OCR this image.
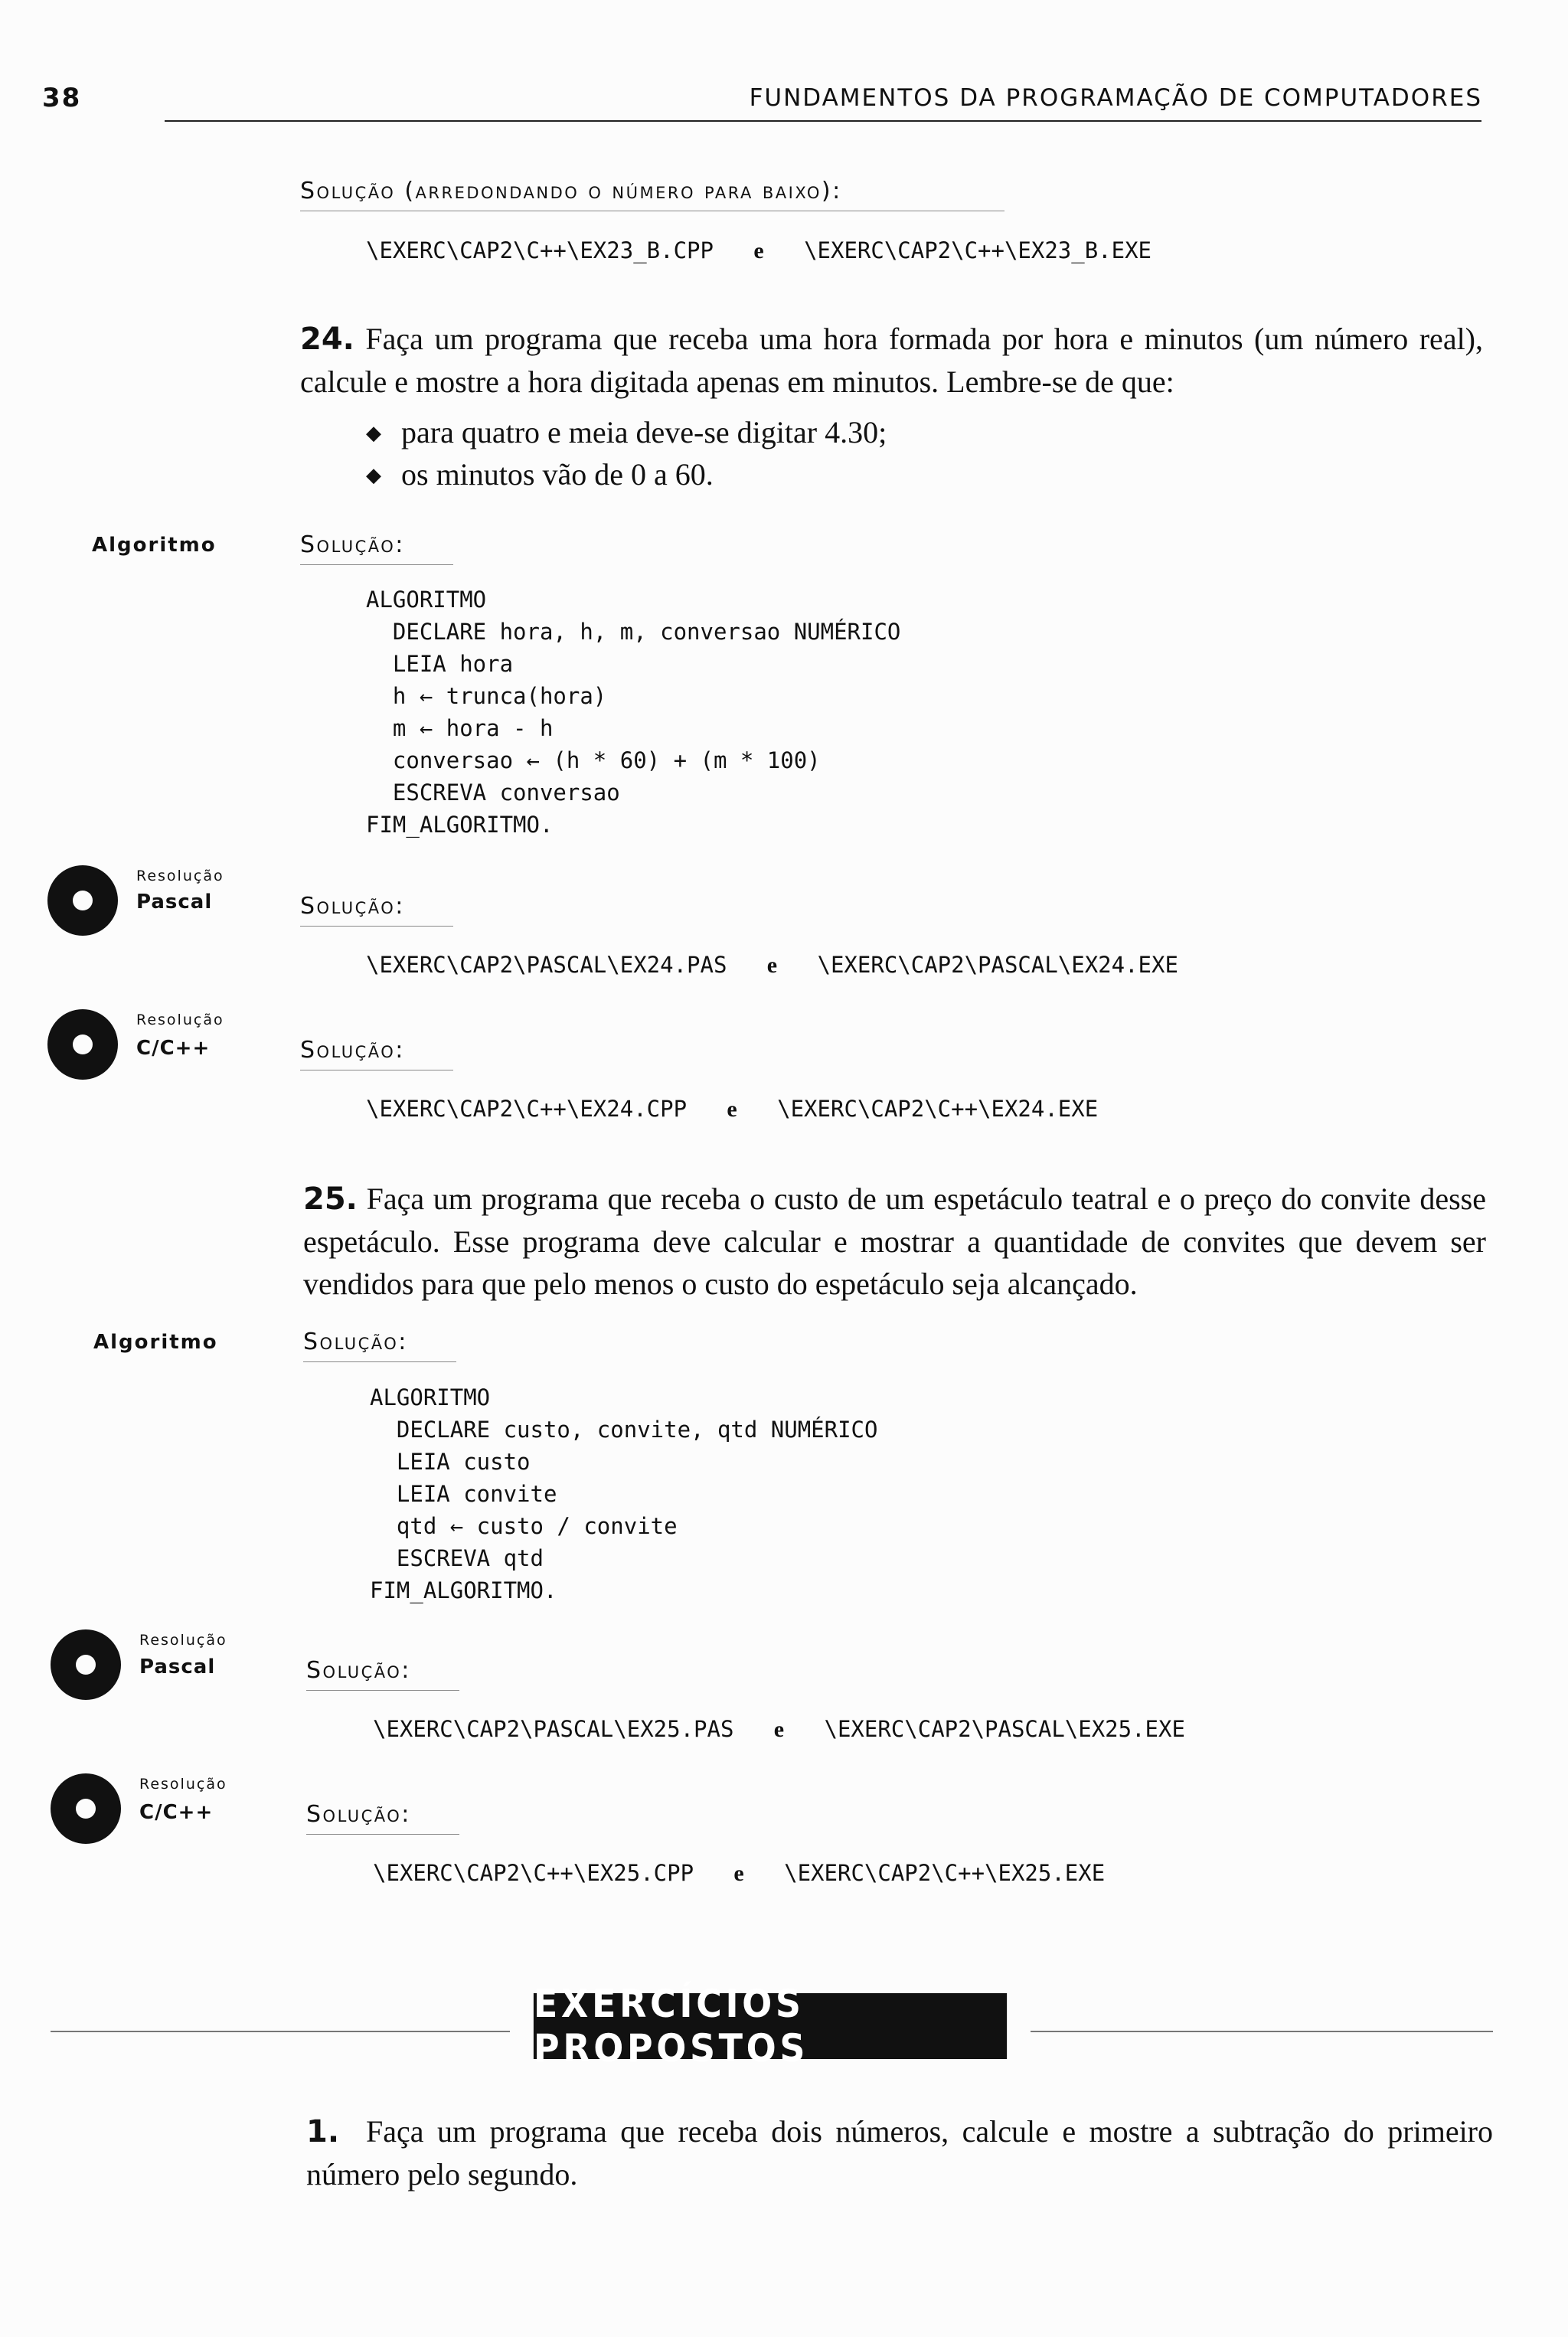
38	FUNDAMENTOS DA PROGRAMAÇÃO DE COMPUTADORES
Solução (arredondando o número para baixo):
\EXERC\CAP2\C++\EX23_B.CPP e \EXERC\CAP2\C++\EX23_B.EXE
24. Faça um programa que receba uma hora formada por hora e minutos (um número real), calcule e mostre a hora digitada apenas em minutos. Lembre-se de que:
◆ para quatro e meia deve-se digitar 4.30;
◆ os minutos vão de 0 a 60.
Algoritmo	Solução:
ALGORITMO
DECLARE hora, h, m, conversao NUMÉRICO
LEIA hora
h ← trunca(hora)
m ← hora - h
conversao ← (h * 60) + (m * 100)
ESCREVA conversao
FIM_ALGORITMO.
Resolução
Pascal	Solução:
\EXERC\CAP2\PASCAL\EX24.PAS e \EXERC\CAP2\PASCAL\EX24.EXE
Resolução
C/C++	Solução:
\EXERC\CAP2\C++\EX24.CPP e \EXERC\CAP2\C++\EX24.EXE
25. Faça um programa que receba o custo de um espetáculo teatral e o preço do convite desse espetáculo. Esse programa deve calcular e mostrar a quantidade de convites que devem ser vendidos para que pelo menos o custo do espetáculo seja alcançado.
Algoritmo	Solução:
ALGORITMO
DECLARE custo, convite, qtd NUMÉRICO
LEIA custo
LEIA convite
qtd ← custo / convite
ESCREVA qtd
FIM_ALGORITMO.
Resolução
Pascal	Solução:
\EXERC\CAP2\PASCAL\EX25.PAS e \EXERC\CAP2\PASCAL\EX25.EXE
Resolução
C/C++	Solução:
\EXERC\CAP2\C++\EX25.CPP e \EXERC\CAP2\C++\EX25.EXE
EXERCÍCIOS PROPOSTOS
1. Faça um programa que receba dois números, calcule e mostre a subtração do primeiro número pelo segundo.
